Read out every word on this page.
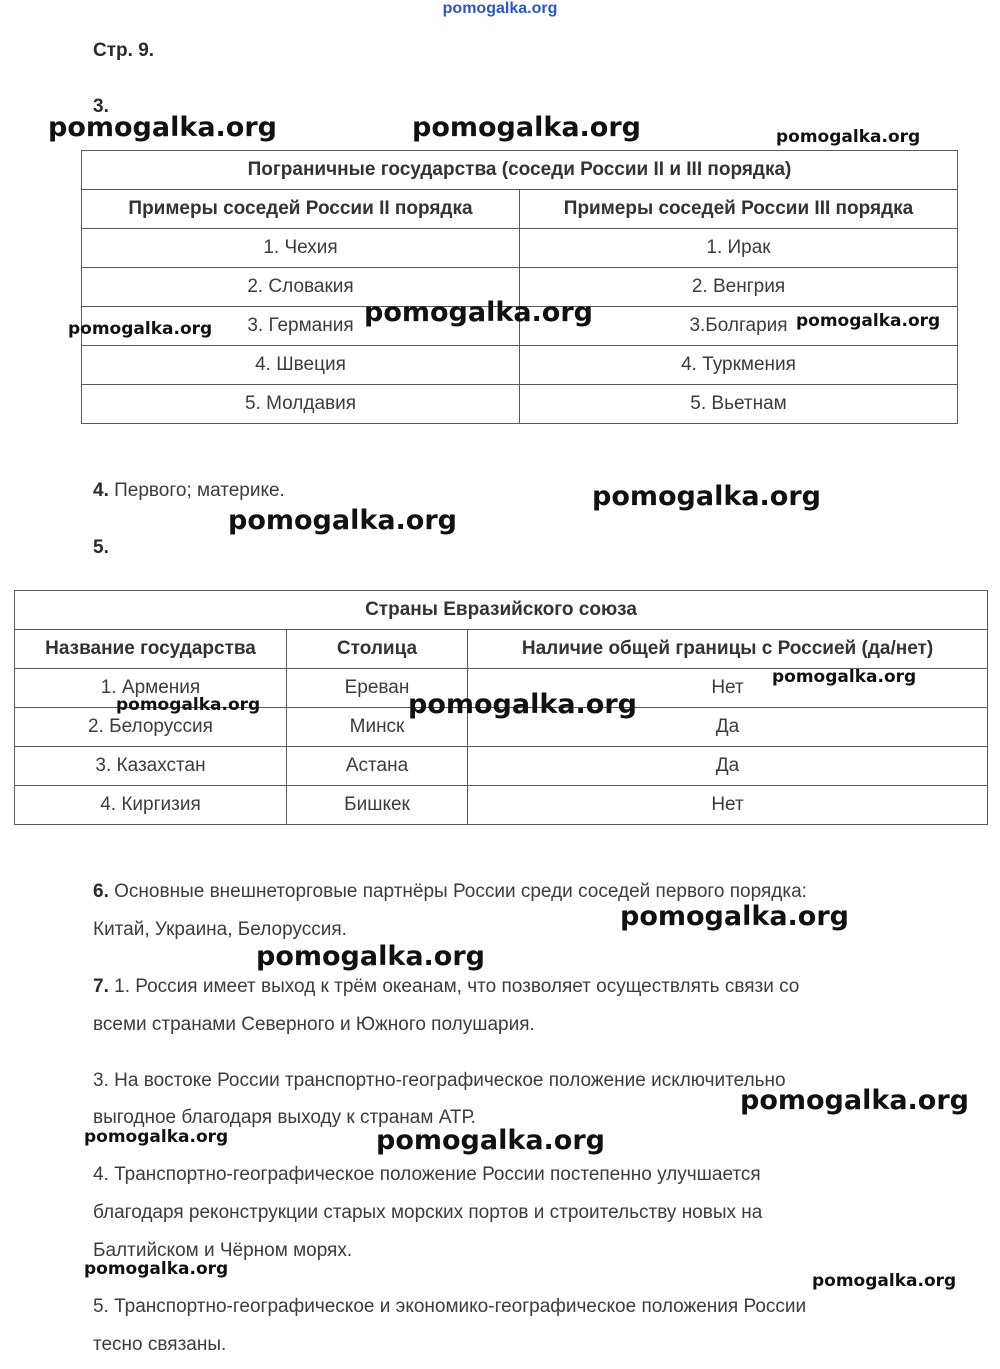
pomogalka.org
Стр. 9.
3.
Пограничные государства (соседи России II и III порядка)	
Примеры соседей России II порядка	Примеры соседей России III порядка
1. Чехия	1. Ирак
2. Словакия	2. Венгрия
3. Германия	3.Болгария
4. Швеция	4. Туркмения
5. Молдавия	5. Вьетнам
4. Первого; материке.
5.
Страны Евразийского союза		
Название государства	Столица	Наличие общей границы с Россией (да/нет)
1. Армения	Ереван	Нет
2. Белоруссия	Минск	Да
3. Казахстан	Астана	Да
4. Киргизия	Бишкек	Нет
6. Основные внешнеторговые партнёры России среди соседей первого порядка:
Китай, Украина, Белоруссия.
7. 1. Россия имеет выход к трём океанам, что позволяет осуществлять связи со
всеми странами Северного и Южного полушария.
3. На востоке России транспортно-географическое положение исключительно
выгодное благодаря выходу к странам АТР.
4. Транспортно-географическое положение России постепенно улучшается
благодаря реконструкции старых морских портов и строительству новых на
Балтийском и Чёрном морях.
5. Транспортно-географическое и экономико-географическое положения России
тесно связаны.
pomogalka.org	pomogalka.org	pomogalka.org
pomogalka.org
pomogalka.org	pomogalka.org
pomogalka.org
pomogalka.org
pomogalka.org
pomogalka.org	pomogalka.org
pomogalka.org
pomogalka.org
pomogalka.org
pomogalka.org	pomogalka.org
pomogalka.org
pomogalka.org
